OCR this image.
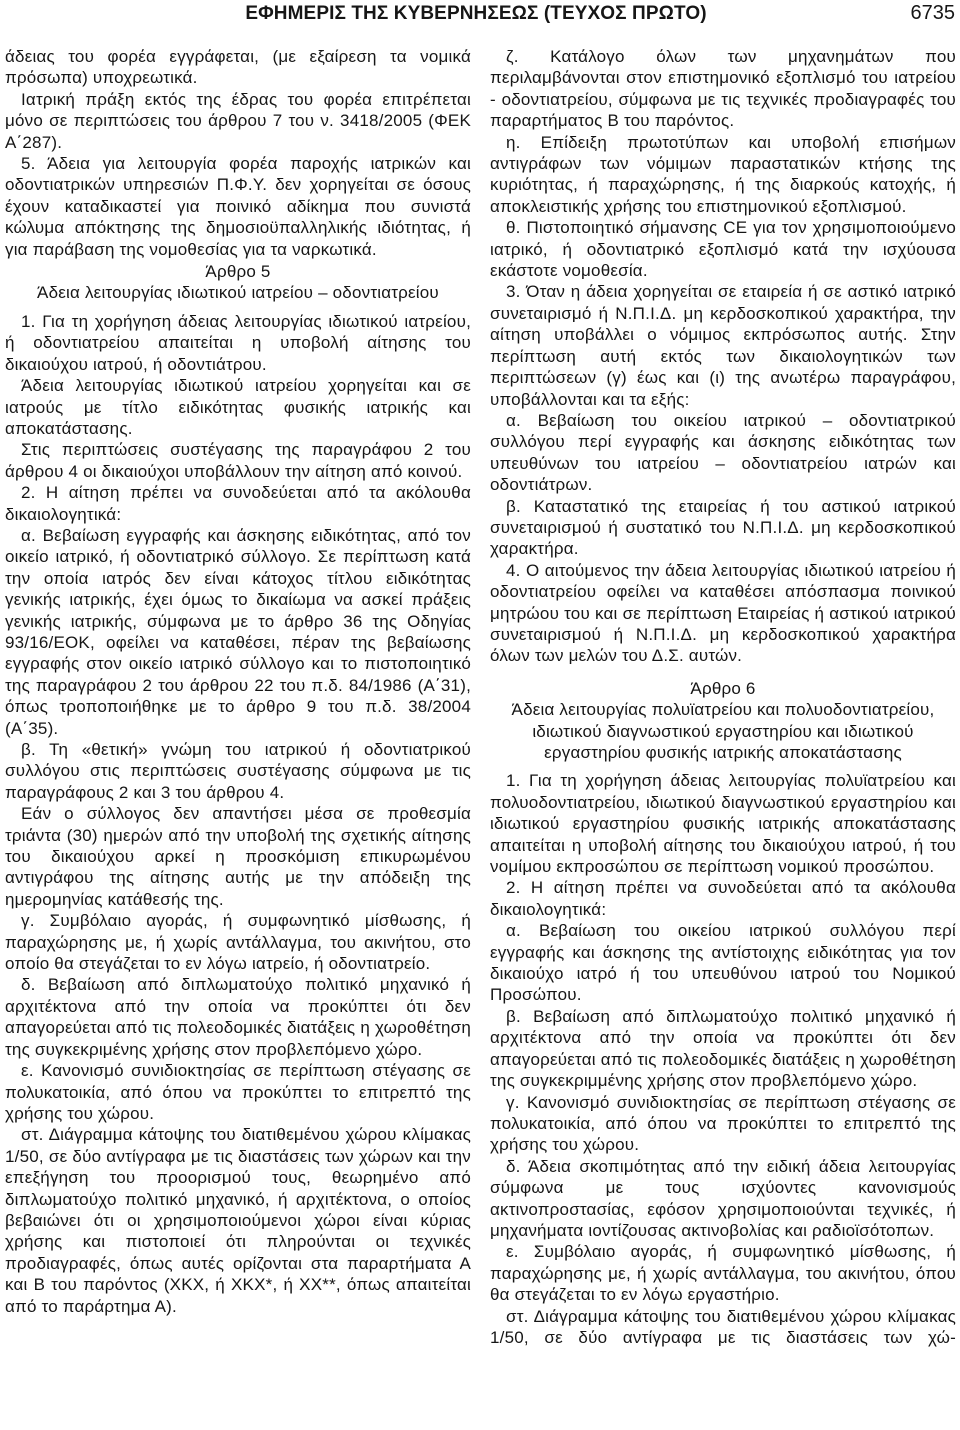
ΕΦΗΜΕΡΙΣ ΤΗΣ ΚΥΒΕΡΝΗΣΕΩΣ (ΤΕΥΧΟΣ ΠΡΩΤΟ)	6735

άδειας του φορέα εγγράφεται, (με εξαίρεση τα νομικά πρόσωπα) υποχρεωτικά.

Ιατρική πράξη εκτός της έδρας του φορέα επιτρέπεται μόνο σε περιπτώσεις του άρθρου 7 του ν. 3418/2005 (ΦΕΚ Α΄287).

5. Άδεια για λειτουργία φορέα παροχής ιατρικών και οδοντιατρικών υπηρεσιών Π.Φ.Υ. δεν χορηγείται σε όσους έχουν καταδικαστεί για ποινικό αδίκημα που συνιστά κώλυμα απόκτησης της δημοσιοϋπαλληλικής ιδιότητας, ή για παράβαση της νομοθεσίας για τα ναρκωτικά.

Άρθρο 5

Άδεια λειτουργίας ιδιωτικού ιατρείου – οδοντιατρείου

1. Για τη χορήγηση άδειας λειτουργίας ιδιωτικού ιατρείου, ή οδοντιατρείου απαιτείται η υποβολή αίτησης του δικαιούχου ιατρού, ή οδοντιάτρου.

Άδεια λειτουργίας ιδιωτικού ιατρείου χορηγείται και σε ιατρούς με τίτλο ειδικότητας φυσικής ιατρικής και αποκατάστασης.

Στις περιπτώσεις συστέγασης της παραγράφου 2 του άρθρου 4 οι δικαιούχοι υποβάλλουν την αίτηση από κοινού.

2. Η αίτηση πρέπει να συνοδεύεται από τα ακόλουθα δικαιολογητικά:

α. Βεβαίωση εγγραφής και άσκησης ειδικότητας, από τον οικείο ιατρικό, ή οδοντιατρικό σύλλογο. Σε περίπτωση κατά την οποία ιατρός δεν είναι κάτοχος τίτλου ειδικότητας γενικής ιατρικής, έχει όμως το δικαίωμα να ασκεί πράξεις γενικής ιατρικής, σύμφωνα με το άρθρο 36 της Οδηγίας 93/16/ΕΟΚ, οφείλει να καταθέσει, πέραν της βεβαίωσης εγγραφής στον οικείο ιατρικό σύλλογο και το πιστοποιητικό της παραγράφου 2 του άρθρου 22 του π.δ. 84/1986 (Α΄31), όπως τροποποιήθηκε με το άρθρο 9 του π.δ. 38/2004 (Α΄35).

β. Τη «θετική» γνώμη του ιατρικού ή οδοντιατρικού συλλόγου στις περιπτώσεις συστέγασης σύμφωνα με τις παραγράφους 2 και 3 του άρθρου 4.

Εάν ο σύλλογος δεν απαντήσει μέσα σε προθεσμία τριάντα (30) ημερών από την υποβολή της σχετικής αίτησης του δικαιούχου αρκεί η προσκόμιση επικυρωμένου αντιγράφου της αίτησης αυτής με την απόδειξη της ημερομηνίας κατάθεσής της.

γ. Συμβόλαιο αγοράς, ή συμφωνητικό μίσθωσης, ή παραχώρησης με, ή χωρίς αντάλλαγμα, του ακινήτου, στο οποίο θα στεγάζεται το εν λόγω ιατρείο, ή οδοντιατρείο.

δ. Βεβαίωση από διπλωματούχο πολιτικό μηχανικό ή αρχιτέκτονα από την οποία να προκύπτει ότι δεν απαγορεύεται από τις πολεοδομικές διατάξεις η χωροθέτηση της συγκεκριμένης χρήσης στον προβλεπόμενο χώρο.

ε. Κανονισμό συνιδιοκτησίας σε περίπτωση στέγασης σε πολυκατοικία, από όπου να προκύπτει το επιτρεπτό της χρήσης του χώρου.

στ. Διάγραμμα κάτοψης του διατιθεμένου χώρου κλίμακας 1/50, σε δύο αντίγραφα με τις διαστάσεις των χώρων και την επεξήγηση του προορισμού τους, θεωρημένο από διπλωματούχο πολιτικό μηχανικό, ή αρχιτέκτονα, ο οποίος βεβαιώνει ότι οι χρησιμοποιούμενοι χώροι είναι κύριας χρήσης και πιστοποιεί ότι πληρούνται οι τεχνικές προδιαγραφές, όπως αυτές ορίζονται στα παραρτήματα Α και Β του παρόντος (ΧΚΧ, ή ΧΚΧ*, ή ΧΧ**, όπως απαιτείται από το παράρτημα Α).

ζ. Κατάλογο όλων των μηχανημάτων που περιλαμβάνονται στον επιστημονικό εξοπλισμό του ιατρείου - οδοντιατρείου, σύμφωνα με τις τεχνικές προδιαγραφές του παραρτήματος Β του παρόντος.

η. Επίδειξη πρωτοτύπων και υποβολή επισήμων αντιγράφων των νόμιμων παραστατικών κτήσης της κυριότητας, ή παραχώρησης, ή της διαρκούς κατοχής, ή αποκλειστικής χρήσης του επιστημονικού εξοπλισμού.

θ. Πιστοποιητικό σήμανσης CE για τον χρησιμοποιούμενο ιατρικό, ή οδοντιατρικό εξοπλισμό κατά την ισχύουσα εκάστοτε νομοθεσία.

3. Όταν η άδεια χορηγείται σε εταιρεία ή σε αστικό ιατρικό συνεταιρισμό ή Ν.Π.Ι.Δ. μη κερδοσκοπικού χαρακτήρα, την αίτηση υποβάλλει ο νόμιμος εκπρόσωπος αυτής. Στην περίπτωση αυτή εκτός των δικαιολογητικών των περιπτώσεων (γ) έως και (ι) της ανωτέρω παραγράφου, υποβάλλονται και τα εξής:

α. Βεβαίωση του οικείου ιατρικού – οδοντιατρικού συλλόγου περί εγγραφής και άσκησης ειδικότητας των υπευθύνων του ιατρείου – οδοντιατρείου ιατρών και οδοντιάτρων.

β. Καταστατικό της εταιρείας ή του αστικού ιατρικού συνεταιρισμού ή συστατικό του Ν.Π.Ι.Δ. μη κερδοσκοπικού χαρακτήρα.

4. Ο αιτούμενος την άδεια λειτουργίας ιδιωτικού ιατρείου ή οδοντιατρείου οφείλει να καταθέσει απόσπασμα ποινικού μητρώου του και σε περίπτωση Εταιρείας ή αστικού ιατρικού συνεταιρισμού ή Ν.Π.Ι.Δ. μη κερδοσκοπικού χαρακτήρα όλων των μελών του Δ.Σ. αυτών.

Άρθρο 6

Άδεια λειτουργίας πολυϊατρείου και πολυοδοντιατρείου, ιδιωτικού διαγνωστικού εργαστηρίου και ιδιωτικού εργαστηρίου φυσικής ιατρικής αποκατάστασης

1. Για τη χορήγηση άδειας λειτουργίας πολυϊατρείου και πολυοδοντιατρείου, ιδιωτικού διαγνωστικού εργαστηρίου και ιδιωτικού εργαστηρίου φυσικής ιατρικής αποκατάστασης απαιτείται η υποβολή αίτησης του δικαιούχου ιατρού, ή του νομίμου εκπροσώπου σε περίπτωση νομικού προσώπου.

2. Η αίτηση πρέπει να συνοδεύεται από τα ακόλουθα δικαιολογητικά:

α. Βεβαίωση του οικείου ιατρικού συλλόγου περί εγγραφής και άσκησης της αντίστοιχης ειδικότητας για τον δικαιούχο ιατρό ή του υπευθύνου ιατρού του Νομικού Προσώπου.

β. Βεβαίωση από διπλωματούχο πολιτικό μηχανικό ή αρχιτέκτονα από την οποία να προκύπτει ότι δεν απαγορεύεται από τις πολεοδομικές διατάξεις η χωροθέτηση της συγκεκριμμένης χρήσης στον προβλεπόμενο χώρο.

γ. Κανονισμό συνιδιοκτησίας σε περίπτωση στέγασης σε πολυκατοικία, από όπου να προκύπτει το επιτρεπτό της χρήσης του χώρου.

δ. Άδεια σκοπιμότητας από την ειδική άδεια λειτουργίας σύμφωνα με τους ισχύοντες κανονισμούς ακτινοπροστασίας, εφόσον χρησιμοποιούνται τεχνικές, ή μηχανήματα ιοντίζουσας ακτινοβολίας και ραδιοϊσότοπων.

ε. Συμβόλαιο αγοράς, ή συμφωνητικό μίσθωσης, ή παραχώρησης με, ή χωρίς αντάλλαγμα, του ακινήτου, όπου θα στεγάζεται το εν λόγω εργαστήριο.

στ. Διάγραμμα κάτοψης του διατιθεμένου χώρου κλίμακας 1/50, σε δύο αντίγραφα με τις διαστάσεις των χώ-
